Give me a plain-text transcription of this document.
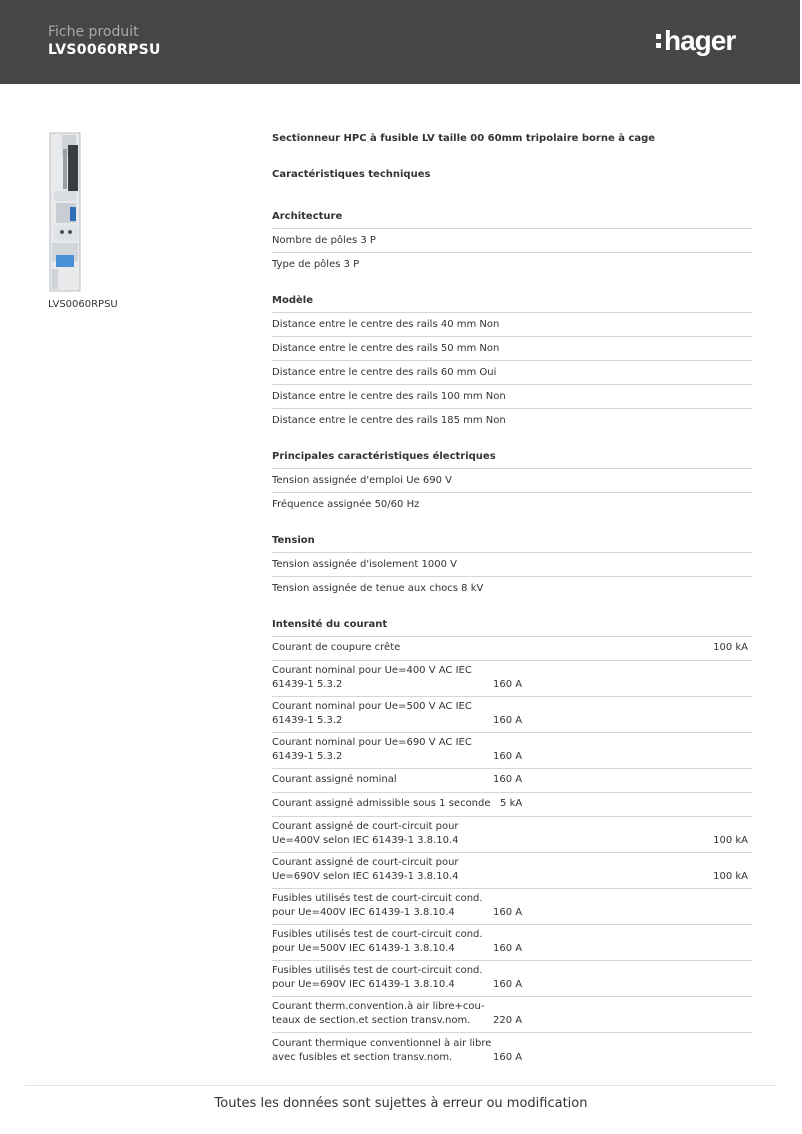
Fiche produit
LVS0060RPSU	hager
LVS0060RPSU
Sectionneur HPC à fusible LV taille 00 60mm tripolaire borne à cage
Caractéristiques techniques
Architecture
Nombre de pôles 3 P
Type de pôles 3 P
Modèle
Distance entre le centre des rails 40 mm Non
Distance entre le centre des rails 50 mm Non
Distance entre le centre des rails 60 mm Oui
Distance entre le centre des rails 100 mm Non
Distance entre le centre des rails 185 mm Non
Principales caractéristiques électriques
Tension assignée d'emploi Ue 690 V
Fréquence assignée 50/60 Hz
Tension
Tension assignée d'isolement 1000 V
Tension assignée de tenue aux chocs 8 kV
Intensité du courant
Courant de coupure crête	100 kA
Courant nominal pour Ue=400 V AC IEC
61439-1 5.3.2	160 A
Courant nominal pour Ue=500 V AC IEC
61439-1 5.3.2	160 A
Courant nominal pour Ue=690 V AC IEC
61439-1 5.3.2	160 A
Courant assigné nominal	160 A
Courant assigné admissible sous 1 seconde   5 kA
Courant assigné de court-circuit pour
Ue=400V selon IEC 61439-1 3.8.10.4	100 kA
Courant assigné de court-circuit pour
Ue=690V selon IEC 61439-1 3.8.10.4	100 kA
Fusibles utilisés test de court-circuit cond.
pour Ue=400V IEC 61439-1 3.8.10.4	160 A
Fusibles utilisés test de court-circuit cond.
pour Ue=500V IEC 61439-1 3.8.10.4	160 A
Fusibles utilisés test de court-circuit cond.
pour Ue=690V IEC 61439-1 3.8.10.4	160 A
Courant therm.convention.à air libre+cou-
teaux de section.et section transv.nom.	220 A
Courant thermique conventionnel à air libre
avec fusibles et section transv.nom.	160 A
Toutes les données sont sujettes à erreur ou modification
